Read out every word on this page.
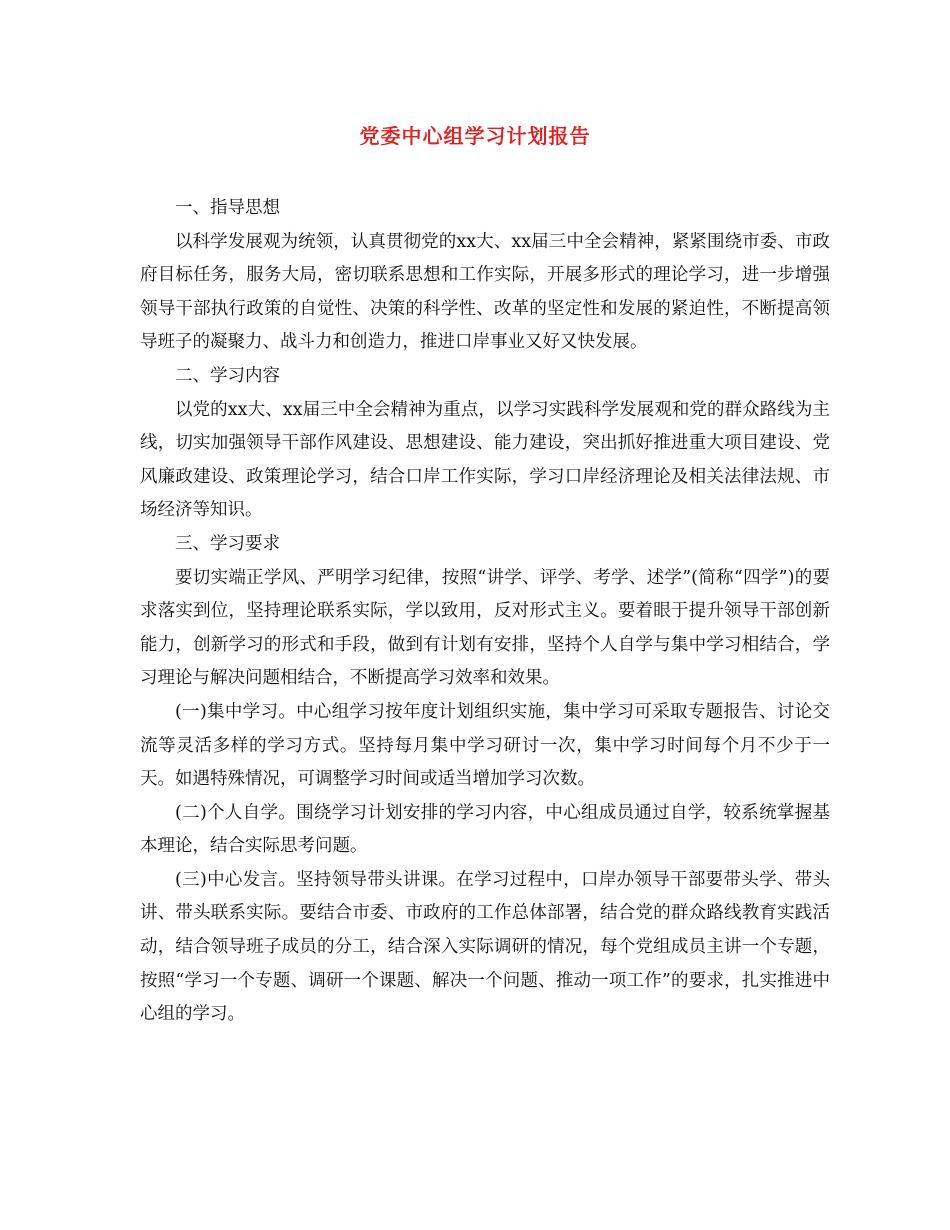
党委中心组学习计划报告

一、指导思想

以科学发展观为统领，认真贯彻党的xx大、xx届三中全会精神，紧紧围绕市委、市政府目标任务，服务大局，密切联系思想和工作实际，开展多形式的理论学习，进一步增强领导干部执行政策的自觉性、决策的科学性、改革的坚定性和发展的紧迫性，不断提高领导班子的凝聚力、战斗力和创造力，推进口岸事业又好又快发展。

二、学习内容

以党的xx大、xx届三中全会精神为重点，以学习实践科学发展观和党的群众路线为主线，切实加强领导干部作风建设、思想建设、能力建设，突出抓好推进重大项目建设、党风廉政建设、政策理论学习，结合口岸工作实际，学习口岸经济理论及相关法律法规、市场经济等知识。

三、学习要求

要切实端正学风、严明学习纪律，按照“讲学、评学、考学、述学”(简称“四学”)的要求落实到位，坚持理论联系实际，学以致用，反对形式主义。要着眼于提升领导干部创新能力，创新学习的形式和手段，做到有计划有安排，坚持个人自学与集中学习相结合，学习理论与解决问题相结合，不断提高学习效率和效果。

(一)集中学习。中心组学习按年度计划组织实施，集中学习可采取专题报告、讨论交流等灵活多样的学习方式。坚持每月集中学习研讨一次，集中学习时间每个月不少于一天。如遇特殊情况，可调整学习时间或适当增加学习次数。

(二)个人自学。围绕学习计划安排的学习内容，中心组成员通过自学，较系统掌握基本理论，结合实际思考问题。

(三)中心发言。坚持领导带头讲课。在学习过程中，口岸办领导干部要带头学、带头讲、带头联系实际。要结合市委、市政府的工作总体部署，结合党的群众路线教育实践活动，结合领导班子成员的分工，结合深入实际调研的情况，每个党组成员主讲一个专题，按照“学习一个专题、调研一个课题、解决一个问题、推动一项工作”的要求，扎实推进中心组的学习。
